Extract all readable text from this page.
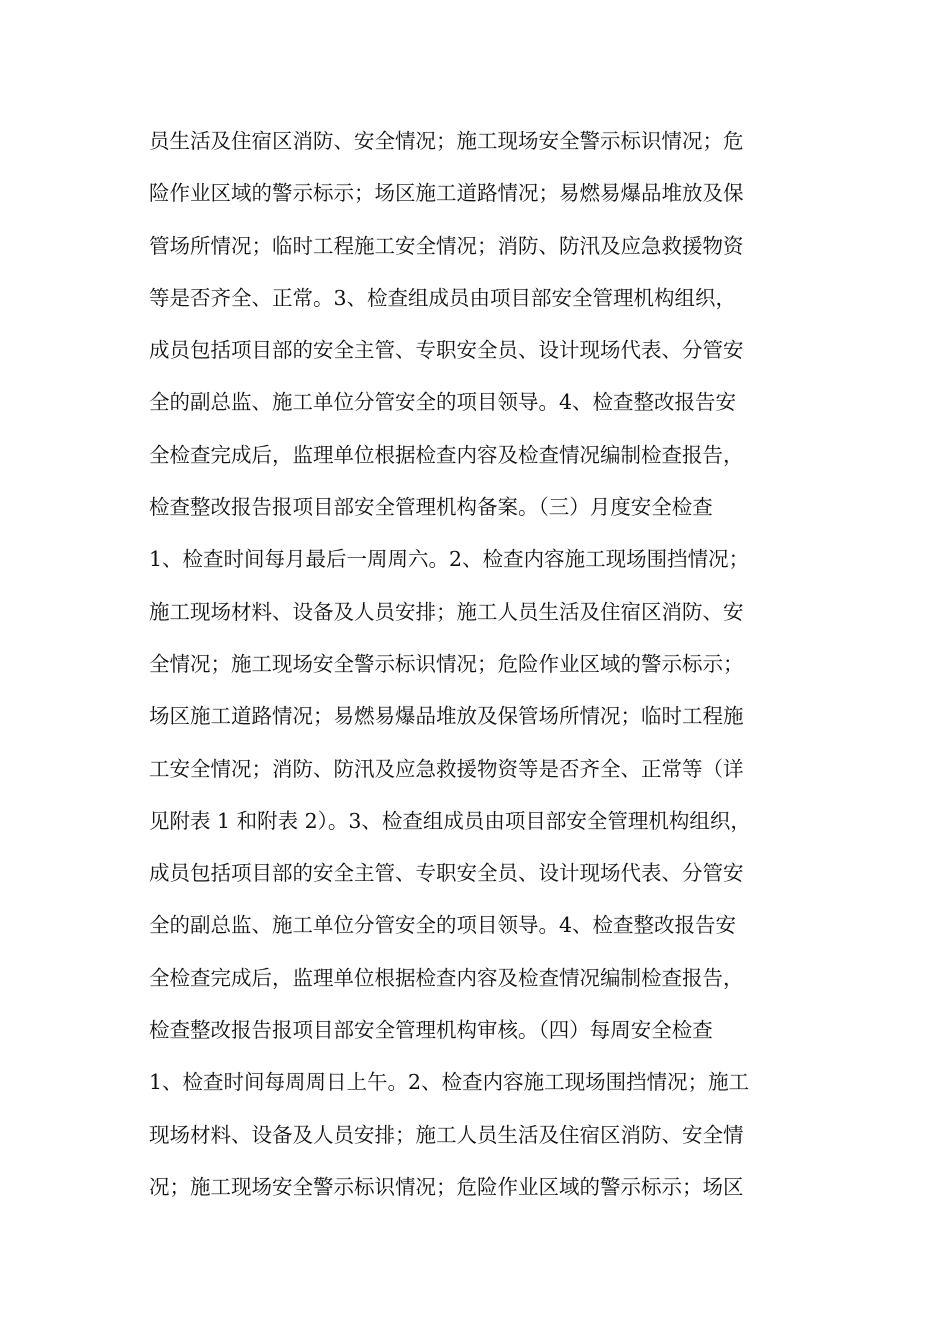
员生活及住宿区消防、安全情况；施工现场安全警示标识情况；危
险作业区域的警示标示；场区施工道路情况；易燃易爆品堆放及保
管场所情况；临时工程施工安全情况；消防、防汛及应急救援物资
等是否齐全、正常。3、检查组成员由项目部安全管理机构组织，
成员包括项目部的安全主管、专职安全员、设计现场代表、分管安
全的副总监、施工单位分管安全的项目领导。4、检查整改报告安
全检查完成后，监理单位根据检查内容及检查情况编制检查报告，
检查整改报告报项目部安全管理机构备案。（三）月度安全检查
1、检查时间每月最后一周周六。2、检查内容施工现场围挡情况；
施工现场材料、设备及人员安排；施工人员生活及住宿区消防、安
全情况；施工现场安全警示标识情况；危险作业区域的警示标示；
场区施工道路情况；易燃易爆品堆放及保管场所情况；临时工程施
工安全情况；消防、防汛及应急救援物资等是否齐全、正常等（详
见附表 1 和附表 2）。3、检查组成员由项目部安全管理机构组织，
成员包括项目部的安全主管、专职安全员、设计现场代表、分管安
全的副总监、施工单位分管安全的项目领导。4、检查整改报告安
全检查完成后，监理单位根据检查内容及检查情况编制检查报告，
检查整改报告报项目部安全管理机构审核。（四）每周安全检查
1、检查时间每周周日上午。2、检查内容施工现场围挡情况；施工
现场材料、设备及人员安排；施工人员生活及住宿区消防、安全情
况；施工现场安全警示标识情况；危险作业区域的警示标示；场区
